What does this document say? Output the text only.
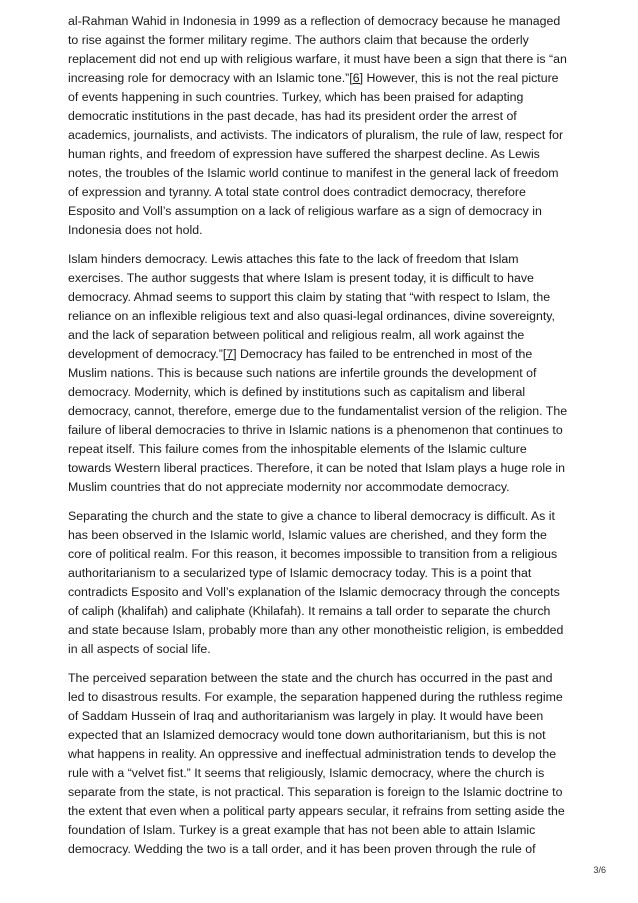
al-Rahman Wahid in Indonesia in 1999 as a reflection of democracy because he managed to rise against the former military regime. The authors claim that because the orderly replacement did not end up with religious warfare, it must have been a sign that there is “an increasing role for democracy with an Islamic tone.”[6] However, this is not the real picture of events happening in such countries. Turkey, which has been praised for adapting democratic institutions in the past decade, has had its president order the arrest of academics, journalists, and activists. The indicators of pluralism, the rule of law, respect for human rights, and freedom of expression have suffered the sharpest decline. As Lewis notes, the troubles of the Islamic world continue to manifest in the general lack of freedom of expression and tyranny. A total state control does contradict democracy, therefore Esposito and Voll’s assumption on a lack of religious warfare as a sign of democracy in Indonesia does not hold.

Islam hinders democracy. Lewis attaches this fate to the lack of freedom that Islam exercises. The author suggests that where Islam is present today, it is difficult to have democracy. Ahmad seems to support this claim by stating that “with respect to Islam, the reliance on an inflexible religious text and also quasi-legal ordinances, divine sovereignty, and the lack of separation between political and religious realm, all work against the development of democracy.”[7] Democracy has failed to be entrenched in most of the Muslim nations. This is because such nations are infertile grounds the development of democracy. Modernity, which is defined by institutions such as capitalism and liberal democracy, cannot, therefore, emerge due to the fundamentalist version of the religion. The failure of liberal democracies to thrive in Islamic nations is a phenomenon that continues to repeat itself. This failure comes from the inhospitable elements of the Islamic culture towards Western liberal practices. Therefore, it can be noted that Islam plays a huge role in Muslim countries that do not appreciate modernity nor accommodate democracy.

Separating the church and the state to give a chance to liberal democracy is difficult. As it has been observed in the Islamic world, Islamic values are cherished, and they form the core of political realm. For this reason, it becomes impossible to transition from a religious authoritarianism to a secularized type of Islamic democracy today. This is a point that contradicts Esposito and Voll’s explanation of the Islamic democracy through the concepts of caliph (khalifah) and caliphate (Khilafah). It remains a tall order to separate the church and state because Islam, probably more than any other monotheistic religion, is embedded in all aspects of social life.

The perceived separation between the state and the church has occurred in the past and led to disastrous results. For example, the separation happened during the ruthless regime of Saddam Hussein of Iraq and authoritarianism was largely in play. It would have been expected that an Islamized democracy would tone down authoritarianism, but this is not what happens in reality. An oppressive and ineffectual administration tends to develop the rule with a “velvet fist.” It seems that religiously, Islamic democracy, where the church is separate from the state, is not practical. This separation is foreign to the Islamic doctrine to the extent that even when a political party appears secular, it refrains from setting aside the foundation of Islam. Turkey is a great example that has not been able to attain Islamic democracy. Wedding the two is a tall order, and it has been proven through the rule of

3/6
